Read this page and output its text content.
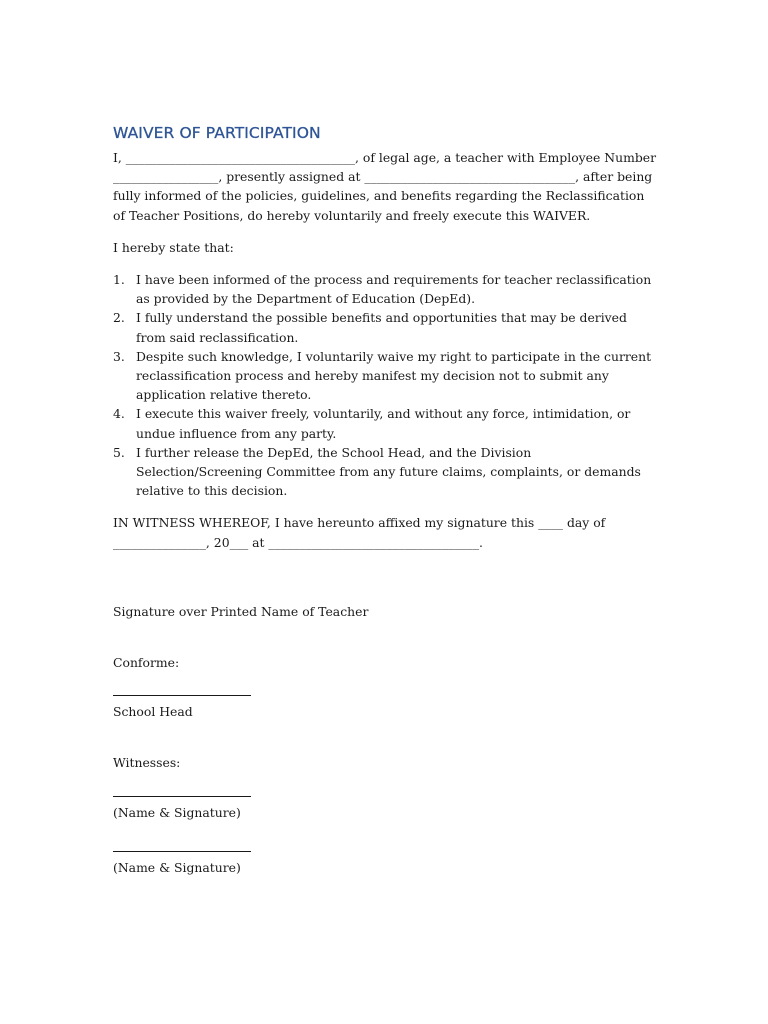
WAIVER OF PARTICIPATION

I, _____________________________________, of legal age, a teacher with Employee Number _________________, presently assigned at __________________________________, after being fully informed of the policies, guidelines, and benefits regarding the Reclassification of Teacher Positions, do hereby voluntarily and freely execute this WAIVER.

I hereby state that:

1. I have been informed of the process and requirements for teacher reclassification as provided by the Department of Education (DepEd).
2. I fully understand the possible benefits and opportunities that may be derived from said reclassification.
3. Despite such knowledge, I voluntarily waive my right to participate in the current reclassification process and hereby manifest my decision not to submit any application relative thereto.
4. I execute this waiver freely, voluntarily, and without any force, intimidation, or undue influence from any party.
5. I further release the DepEd, the School Head, and the Division Selection/Screening Committee from any future claims, complaints, or demands relative to this decision.

IN WITNESS WHEREOF, I have hereunto affixed my signature this ____ day of _______________, 20___ at __________________________________.

Signature over Printed Name of Teacher

Conforme:

School Head

Witnesses:

(Name & Signature)

(Name & Signature)
